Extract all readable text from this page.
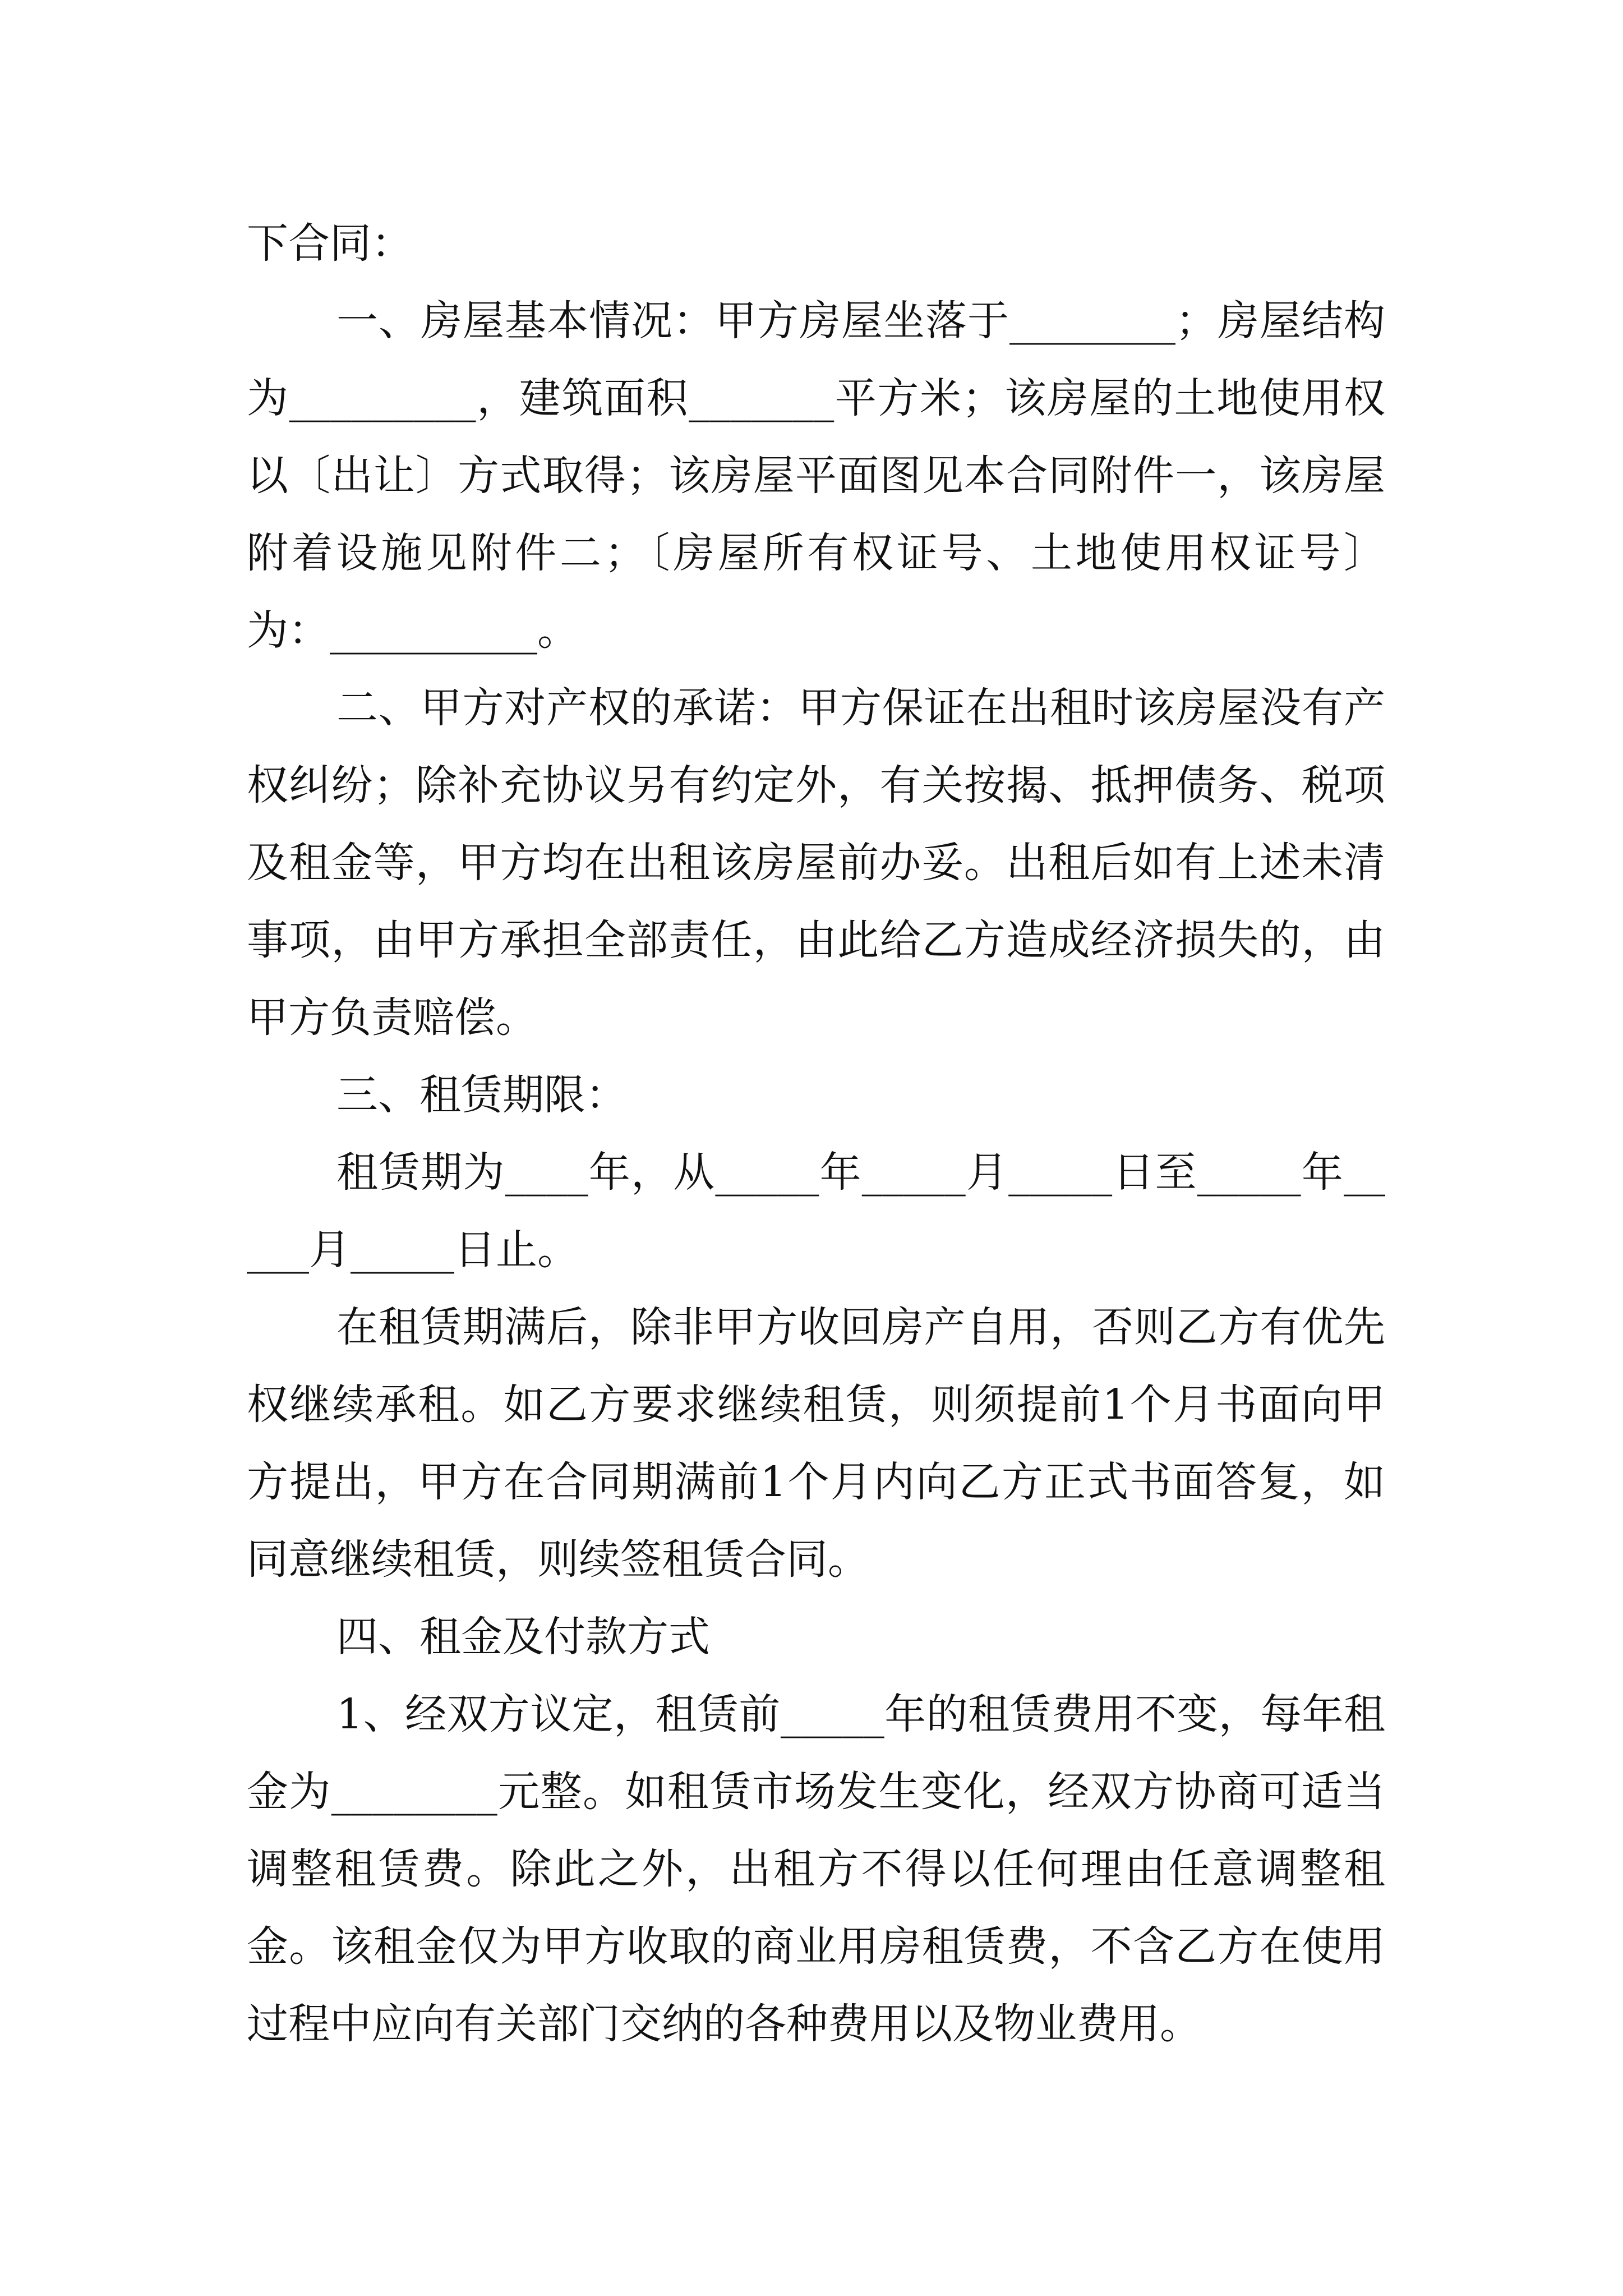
下合同：

一、房屋基本情况：甲方房屋坐落于________；房屋结构为_________，建筑面积_______平方米；该房屋的土地使用权以〔出让〕方式取得；该房屋平面图见本合同附件一，该房屋附着设施见附件二；〔房屋所有权证号、土地使用权证号〕为：__________。

二、甲方对产权的承诺：甲方保证在出租时该房屋没有产权纠纷；除补充协议另有约定外，有关按揭、抵押债务、税项及租金等，甲方均在出租该房屋前办妥。出租后如有上述未清事项，由甲方承担全部责任，由此给乙方造成经济损失的，由甲方负责赔偿。

三、租赁期限：

租赁期为____年，从_____年_____月_____日至_____年_____月_____日止。

在租赁期满后，除非甲方收回房产自用，否则乙方有优先权继续承租。如乙方要求继续租赁，则须提前1个月书面向甲方提出，甲方在合同期满前1个月内向乙方正式书面答复，如同意继续租赁，则续签租赁合同。

四、租金及付款方式

1、经双方议定，租赁前_____年的租赁费用不变，每年租金为________元整。如租赁市场发生变化，经双方协商可适当调整租赁费。除此之外，出租方不得以任何理由任意调整租金。该租金仅为甲方收取的商业用房租赁费，不含乙方在使用过程中应向有关部门交纳的各种费用以及物业费用。
